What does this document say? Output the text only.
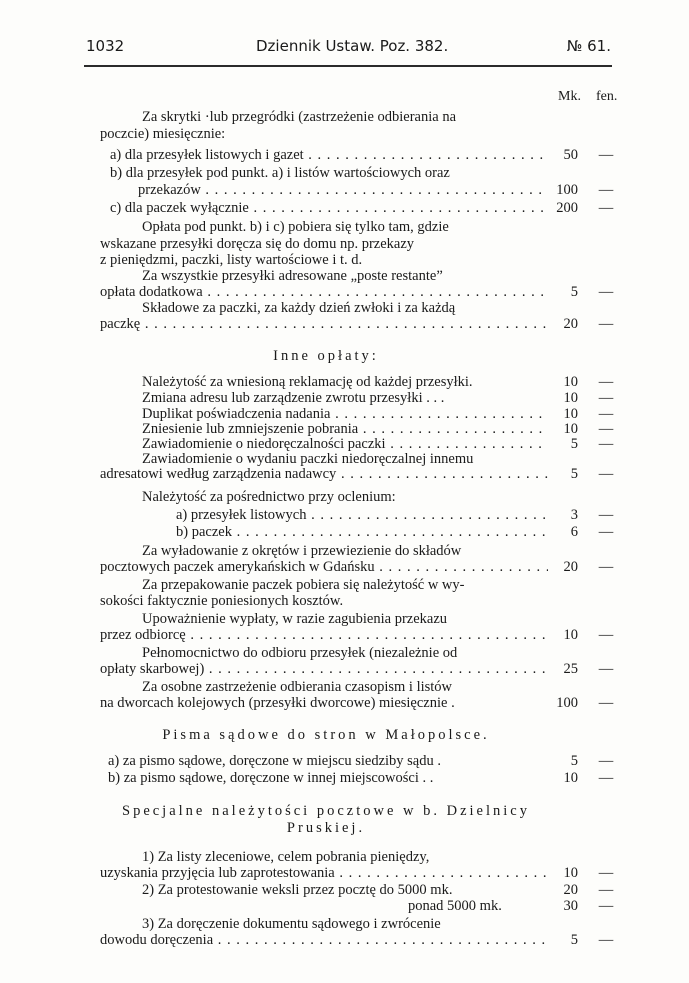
1032	Dziennik Ustaw. Poz. 382.	№ 61.
Mk. fen.
Za skrytki ·lub przegródki (zastrzeżenie odbierania na
poczcie) miesięcznie:
a) dla przesyłek listowych i gazet . . .	50 —
b) dla przesyłek pod punkt. a) i listów wartościowych oraz
przekazów . . .	100 —
c) dla paczek wyłącznie . . .	200 —
Opłata pod punkt. b) i c) pobiera się tylko tam, gdzie
wskazane przesyłki doręcza się do domu np. przekazy
z pieniędzmi, paczki, listy wartościowe i t. d.
Za wszystkie przesyłki adresowane „poste restante”
opłata dodatkowa . . .	5 —
Składowe za paczki, za każdy dzień zwłoki i za każdą
paczkę . . .	20 —
Należytość za wniesioną reklamację od każdej przesyłki.	10 —
Zmiana adresu lub zarządzenie zwrotu przesyłki . . .	10 —
Duplikat poświadczenia nadania . . .	10 —
Zniesienie lub zmniejszenie pobrania . . .	10 —
Zawiadomienie o niedoręczalności paczki . . .	5 —
Zawiadomienie o wydaniu paczki niedoręczalnej innemu
adresatowi według zarządzenia nadawcy . . .	5 —
Należytość za pośrednictwo przy oclenium:
a) przesyłek listowych . . .	3 —
b) paczek . . .	6 —
Za wyładowanie z okrętów i przewiezienie do składów
pocztowych paczek amerykańskich w Gdańsku . . .	20 —
Za przepakowanie paczek pobiera się należytość w wy-
sokości faktycznie poniesionych kosztów.
Upoważnienie wypłaty, w razie zagubienia przekazu
przez odbiorcę . . .	10 —
Pełnomocnictwo do odbioru przesyłek (niezależnie od
opłaty skarbowej) . . .	25 —
Za osobne zastrzeżenie odbierania czasopism i listów
na dworcach kolejowych (przesyłki dworcowe) miesięcznie .	100 —
a) za pismo sądowe, doręczone w miejscu siedziby sądu .	5 —
b) za pismo sądowe, doręczone w innej miejscowości . .	10 —
1) Za listy zleceniowe, celem pobrania pieniędzy,
uzyskania przyjęcia lub zaprotestowania . . .	10 —
2) Za protestowanie weksli przez pocztę do 5000 mk.	20 —
ponad 5000 mk.	30 —
3) Za doręczenie dokumentu sądowego i zwrócenie
dowodu doręczenia . . .	5 —
Inne opłaty:
Pisma sądowe do stron w Małopolsce.
Specjalne należytości pocztowe w b. Dzielnicy
Pruskiej.
